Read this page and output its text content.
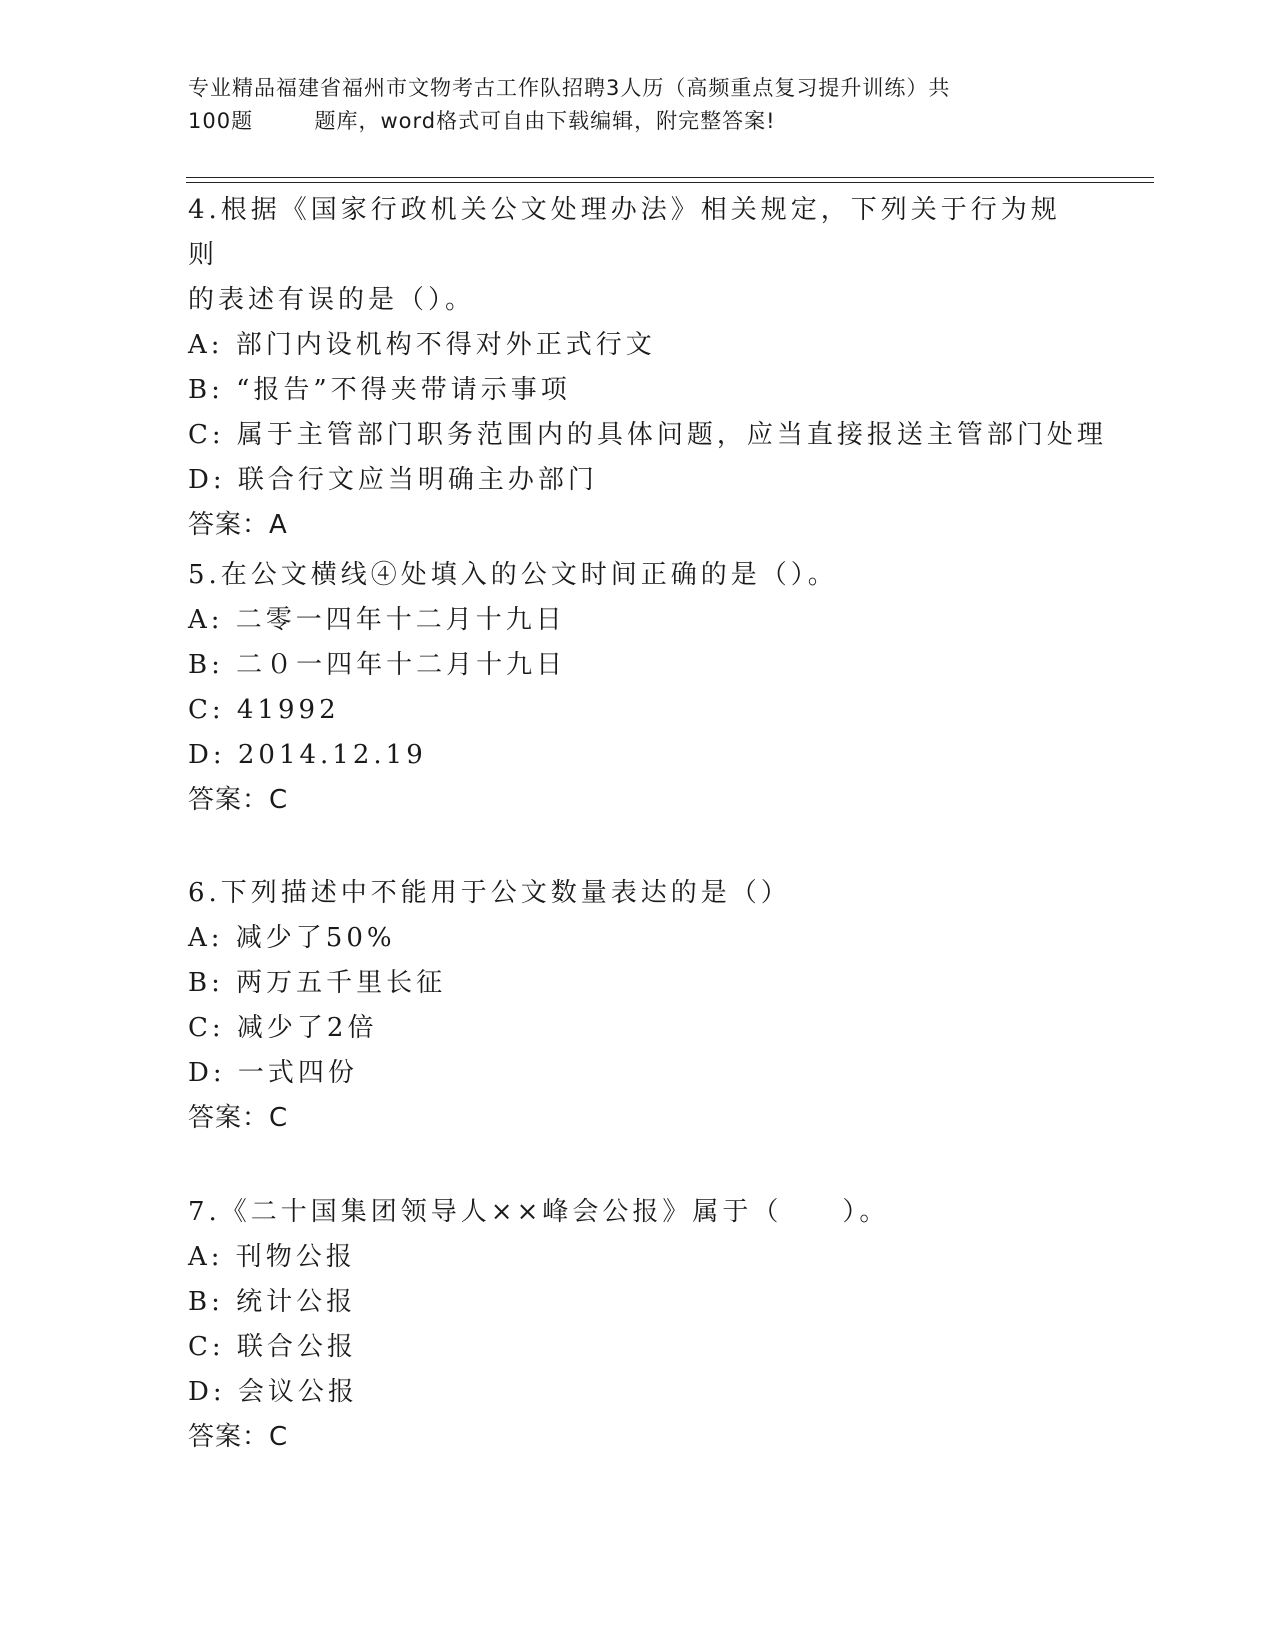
专业精品福建省福州市文物考古工作队招聘3人历（高频重点复习提升训练）共
100题        题库，word格式可自由下载编辑，附完整答案!
4.根据《国家行政机关公文处理办法》相关规定，下列关于行为规则
的表述有误的是（）。
A: 部门内设机构不得对外正式行文
B: “报告”不得夹带请示事项
C: 属于主管部门职务范围内的具体问题，应当直接报送主管部门处理
D: 联合行文应当明确主办部门
答案：A
5.在公文横线④处填入的公文时间正确的是（）。
A: 二零一四年十二月十九日
B: 二０一四年十二月十九日
C: 41992
D: 2014.12.19
答案：C
6.下列描述中不能用于公文数量表达的是（）
A: 减少了50%
B: 两万五千里长征
C: 减少了2倍
D: 一式四份
答案：C
7.《二十国集团领导人××峰会公报》属于（　　）。
A: 刊物公报
B: 统计公报
C: 联合公报
D: 会议公报
答案：C
